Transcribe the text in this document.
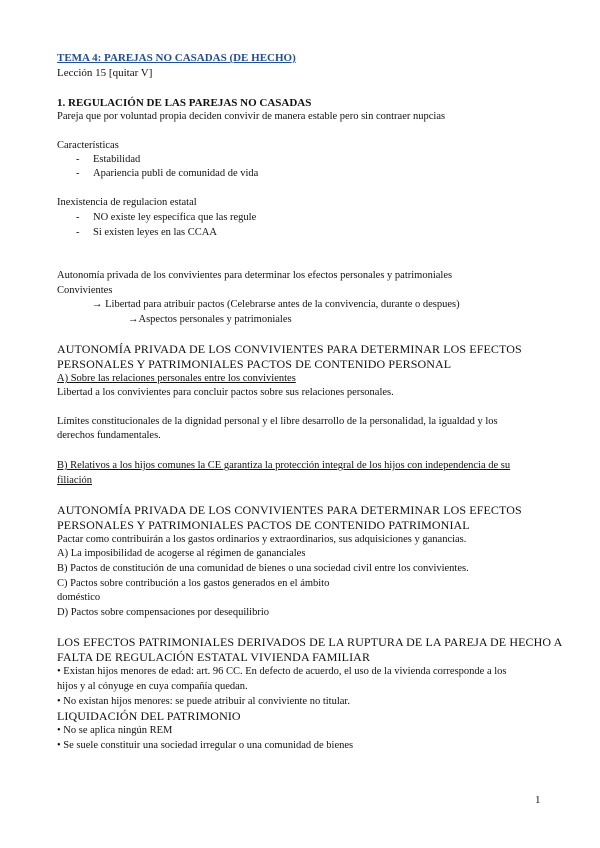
TEMA 4: PAREJAS NO CASADAS (DE HECHO)
Lección 15 [quitar V]
1. REGULACIÓN DE LAS PAREJAS NO CASADAS
Pareja que por voluntad propia deciden convivir de manera estable pero sin contraer nupcias
Características
- Estabilidad
- Apariencia publi de comunidad de vida
Inexistencia de regulacion estatal
- NO existe ley específica que las regule
- Si existen leyes en las CCAA
Autonomía privada de los convivientes para determinar los efectos personales y patrimoniales
Convivientes
→ Libertad para atribuir pactos (Celebrarse antes de la convivencia, durante o despues)
→Aspectos personales y patrimoniales
AUTONOMÍA PRIVADA DE LOS CONVIVIENTES PARA DETERMINAR LOS EFECTOS
PERSONALES Y PATRIMONIALES PACTOS DE CONTENIDO PERSONAL
A) Sobre las relaciones personales entre los convivientes
Libertad a los convivientes para concluir pactos sobre sus relaciones personales.
Límites constitucionales de la dignidad personal y el libre desarrollo de la personalidad, la igualdad y los
derechos fundamentales.
B) Relativos a los hijos comunes la CE garantiza la protección integral de los hijos con independencia de su
filiación
AUTONOMÍA PRIVADA DE LOS CONVIVIENTES PARA DETERMINAR LOS EFECTOS
PERSONALES Y PATRIMONIALES PACTOS DE CONTENIDO PATRIMONIAL
Pactar como contribuirán a los gastos ordinarios y extraordinarios, sus adquisiciones y ganancias.
A) La imposibilidad de acogerse al régimen de gananciales
B) Pactos de constitución de una comunidad de bienes o una sociedad civil entre los convivientes.
C) Pactos sobre contribución a los gastos generados en el ámbito
doméstico
D) Pactos sobre compensaciones por desequilibrio
LOS EFECTOS PATRIMONIALES DERIVADOS DE LA RUPTURA DE LA PAREJA DE HECHO A
FALTA DE REGULACIÓN ESTATAL VIVIENDA FAMILIAR
• Existan hijos menores de edad: art. 96 CC. En defecto de acuerdo, el uso de la vivienda corresponde a los
hijos y al cónyuge en cuya compañía quedan.
• No existan hijos menores: se puede atribuir al conviviente no titular.
LIQUIDACIÓN DEL PATRIMONIO
• No se aplica ningún REM
• Se suele constituir una sociedad irregular o una comunidad de bienes
1
